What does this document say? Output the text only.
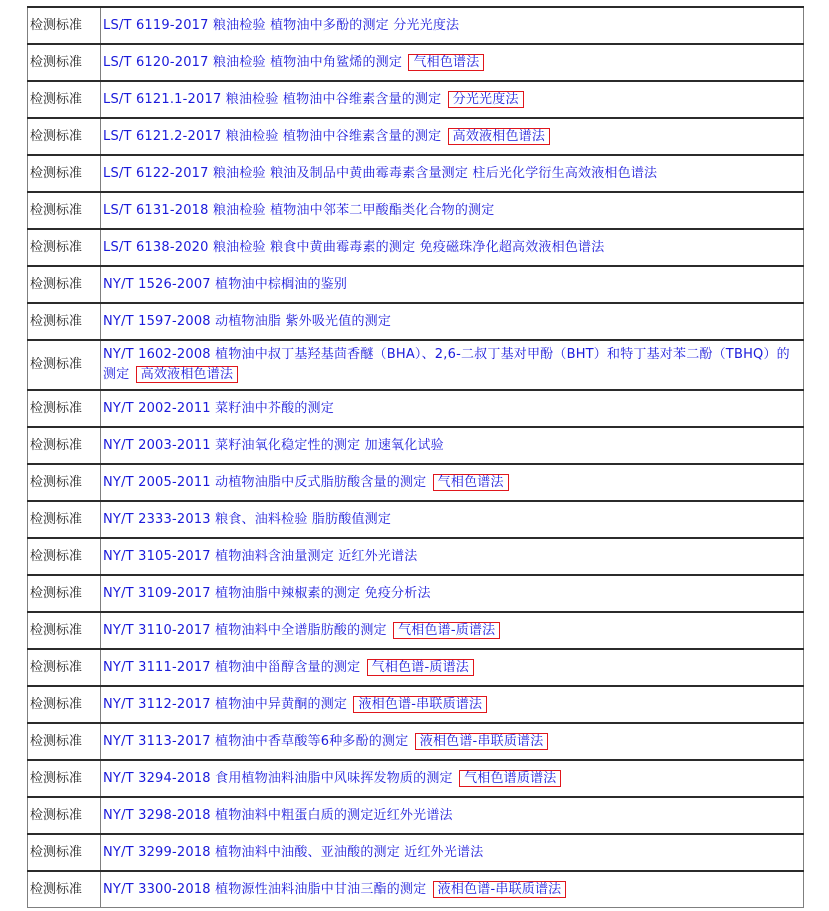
检测标准	LS/T 6119-2017 粮油检验 植物油中多酚的测定 分光光度法
检测标准	LS/T 6120-2017 粮油检验 植物油中角鲨烯的测定 气相色谱法
检测标准	LS/T 6121.1-2017 粮油检验 植物油中谷维素含量的测定 分光光度法
检测标准	LS/T 6121.2-2017 粮油检验 植物油中谷维素含量的测定 高效液相色谱法
检测标准	LS/T 6122-2017 粮油检验 粮油及制品中黄曲霉毒素含量测定 柱后光化学衍生高效液相色谱法
检测标准	LS/T 6131-2018 粮油检验 植物油中邻苯二甲酸酯类化合物的测定
检测标准	LS/T 6138-2020 粮油检验 粮食中黄曲霉毒素的测定 免疫磁珠净化超高效液相色谱法
检测标准	NY/T 1526-2007 植物油中棕榈油的鉴别
检测标准	NY/T 1597-2008 动植物油脂 紫外吸光值的测定
检测标准	NY/T 1602-2008 植物油中叔丁基羟基茴香醚（BHA）、2,6-二叔丁基对甲酚（BHT）和特丁基对苯二酚（TBHQ）的测定 高效液相色谱法
检测标准	NY/T 2002-2011 菜籽油中芥酸的测定
检测标准	NY/T 2003-2011 菜籽油氧化稳定性的测定 加速氧化试验
检测标准	NY/T 2005-2011 动植物油脂中反式脂肪酸含量的测定 气相色谱法
检测标准	NY/T 2333-2013 粮食、油料检验 脂肪酸值测定
检测标准	NY/T 3105-2017 植物油料含油量测定 近红外光谱法
检测标准	NY/T 3109-2017 植物油脂中辣椒素的测定 免疫分析法
检测标准	NY/T 3110-2017 植物油料中全谱脂肪酸的测定 气相色谱-质谱法
检测标准	NY/T 3111-2017 植物油中甾醇含量的测定 气相色谱-质谱法
检测标准	NY/T 3112-2017 植物油中异黄酮的测定 液相色谱-串联质谱法
检测标准	NY/T 3113-2017 植物油中香草酸等6种多酚的测定 液相色谱-串联质谱法
检测标准	NY/T 3294-2018 食用植物油料油脂中风味挥发物质的测定 气相色谱质谱法
检测标准	NY/T 3298-2018 植物油料中粗蛋白质的测定近红外光谱法
检测标准	NY/T 3299-2018 植物油料中油酸、亚油酸的测定 近红外光谱法
检测标准	NY/T 3300-2018 植物源性油料油脂中甘油三酯的测定 液相色谱-串联质谱法
